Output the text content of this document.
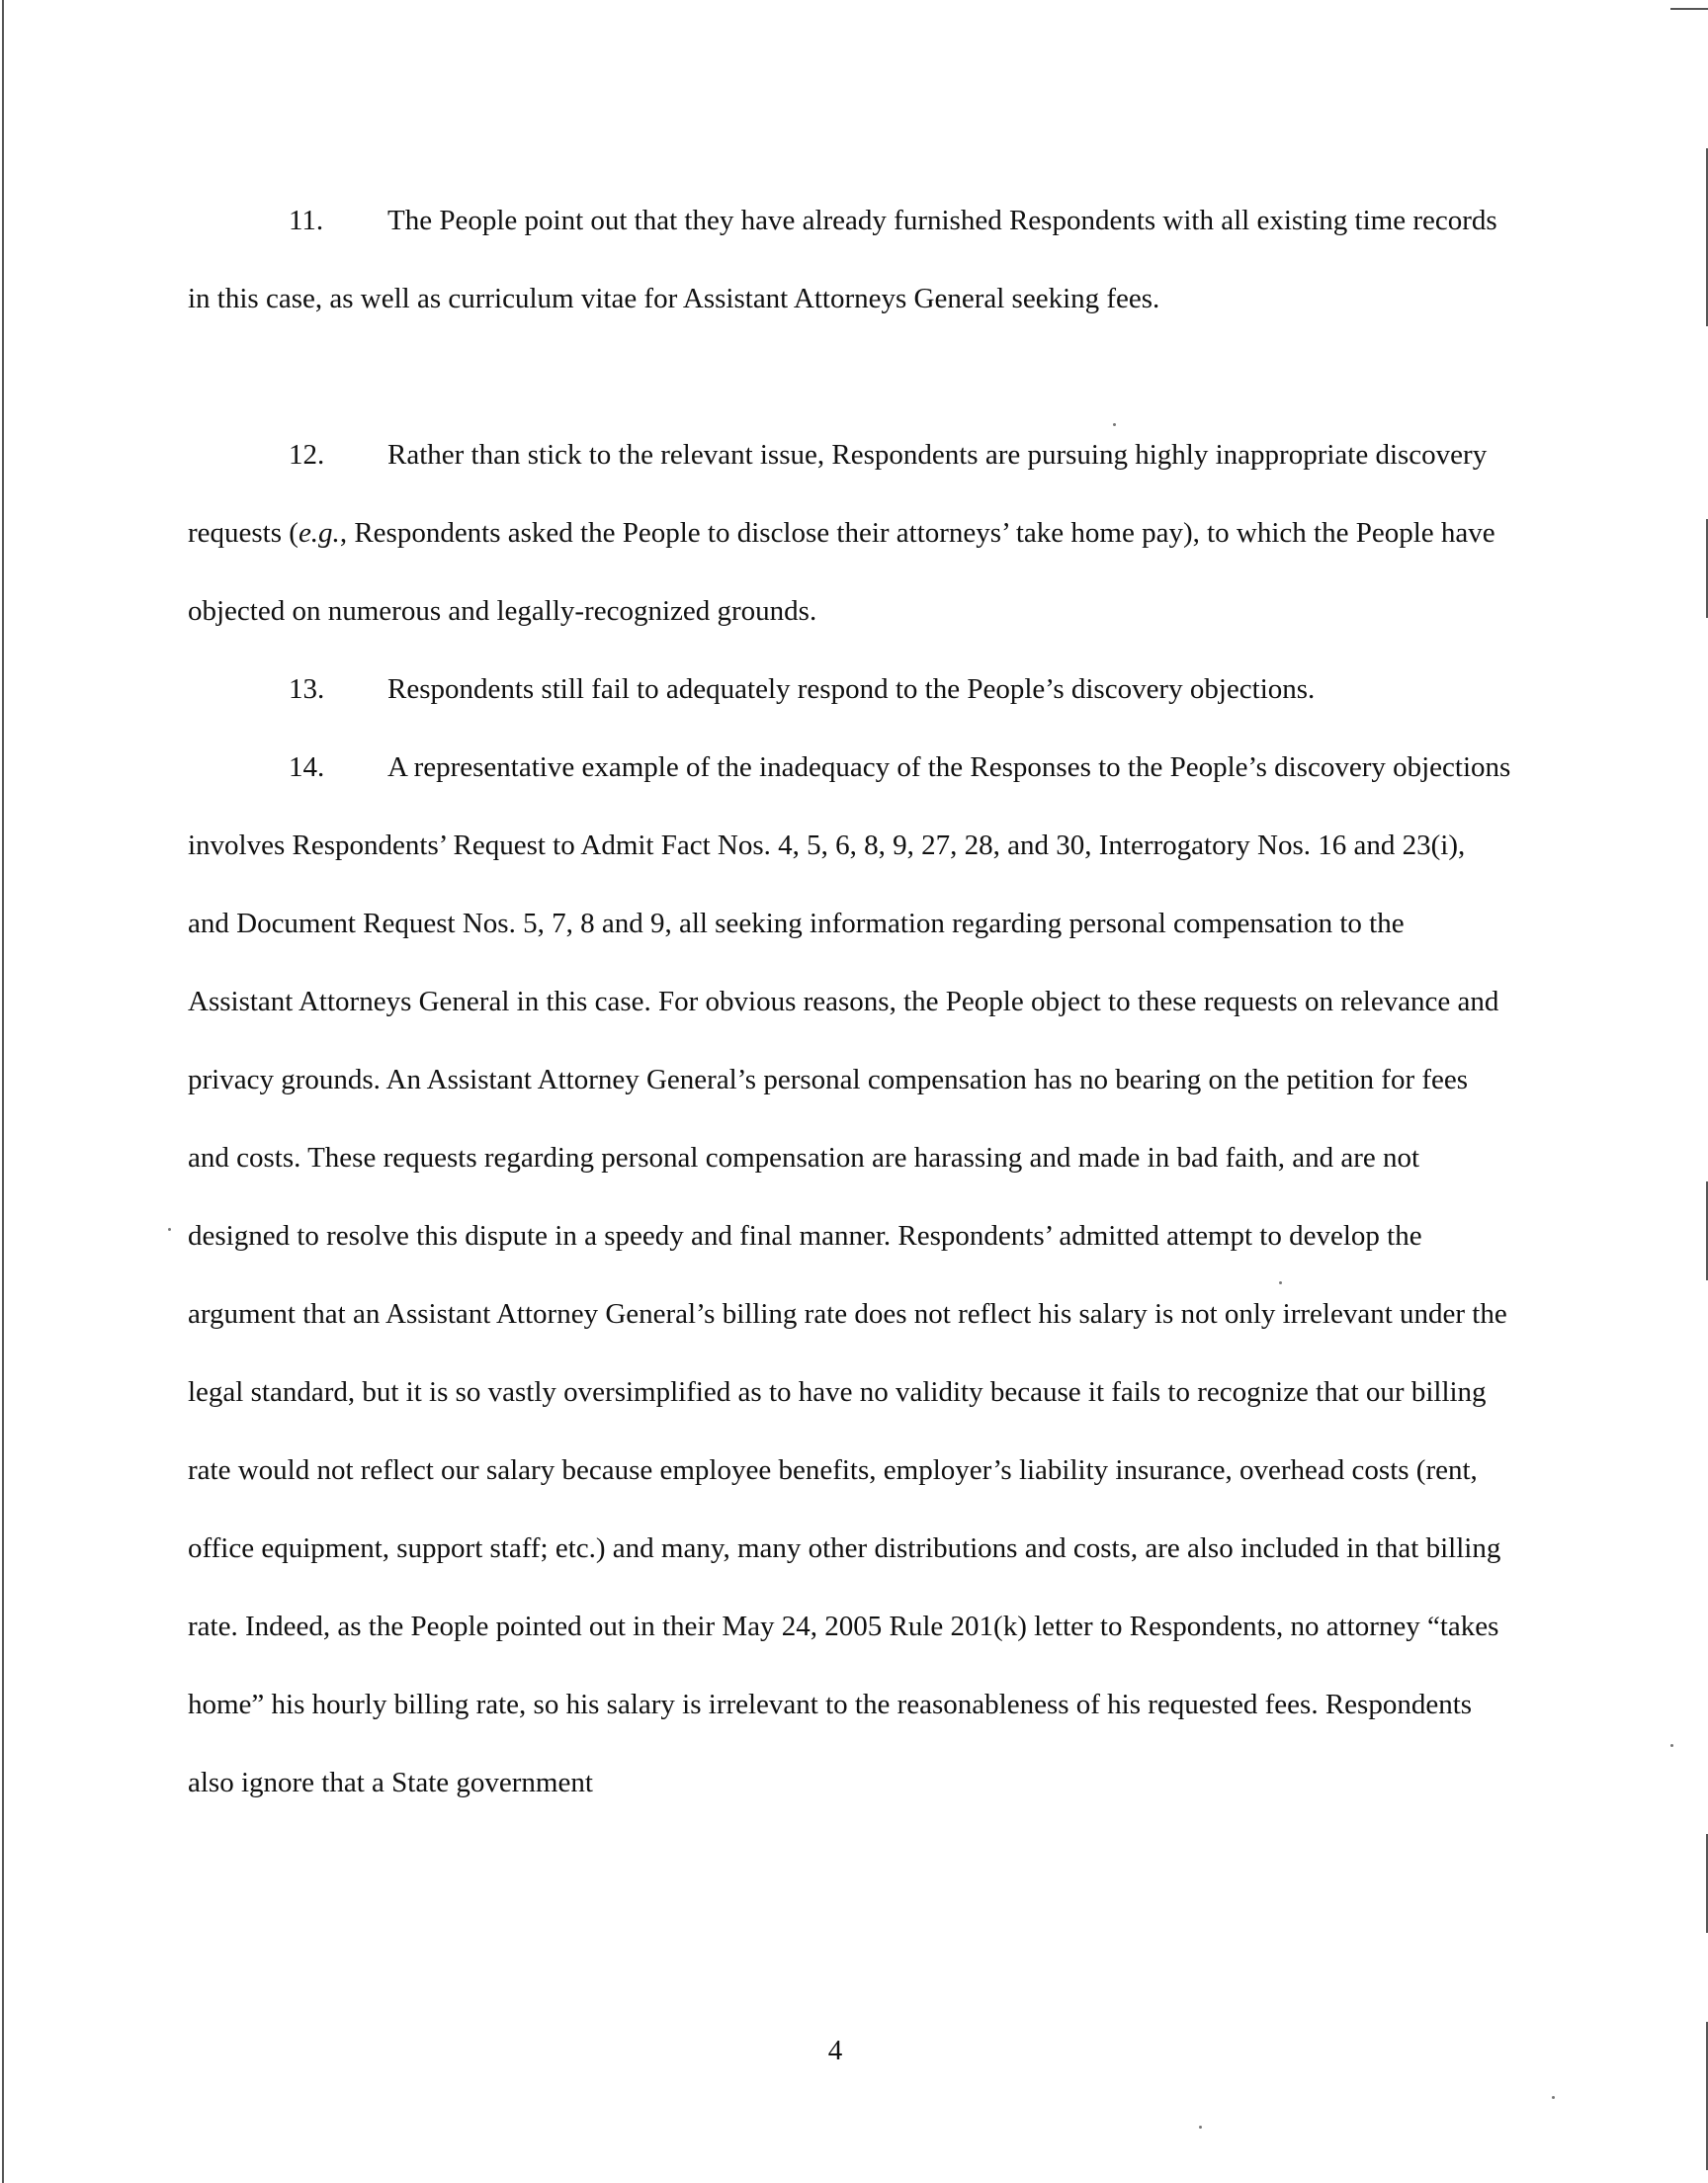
11. The People point out that they have already furnished Respondents with all existing time records in this case, as well as curriculum vitae for Assistant Attorneys General seeking fees.

12. Rather than stick to the relevant issue, Respondents are pursuing highly inappropriate discovery requests (e.g., Respondents asked the People to disclose their attorneys’ take home pay), to which the People have objected on numerous and legally-recognized grounds.

13. Respondents still fail to adequately respond to the People’s discovery objections.

14. A representative example of the inadequacy of the Responses to the People’s discovery objections involves Respondents’ Request to Admit Fact Nos. 4, 5, 6, 8, 9, 27, 28, and 30, Interrogatory Nos. 16 and 23(i), and Document Request Nos. 5, 7, 8 and 9, all seeking information regarding personal compensation to the Assistant Attorneys General in this case. For obvious reasons, the People object to these requests on relevance and privacy grounds. An Assistant Attorney General’s personal compensation has no bearing on the petition for fees and costs. These requests regarding personal compensation are harassing and made in bad faith, and are not designed to resolve this dispute in a speedy and final manner. Respondents’ admitted attempt to develop the argument that an Assistant Attorney General’s billing rate does not reflect his salary is not only irrelevant under the legal standard, but it is so vastly oversimplified as to have no validity because it fails to recognize that our billing rate would not reflect our salary because employee benefits, employer’s liability insurance, overhead costs (rent, office equipment, support staff; etc.) and many, many other distributions and costs, are also included in that billing rate. Indeed, as the People pointed out in their May 24, 2005 Rule 201(k) letter to Respondents, no attorney “takes home” his hourly billing rate, so his salary is irrelevant to the reasonableness of his requested fees. Respondents also ignore that a State government

4
